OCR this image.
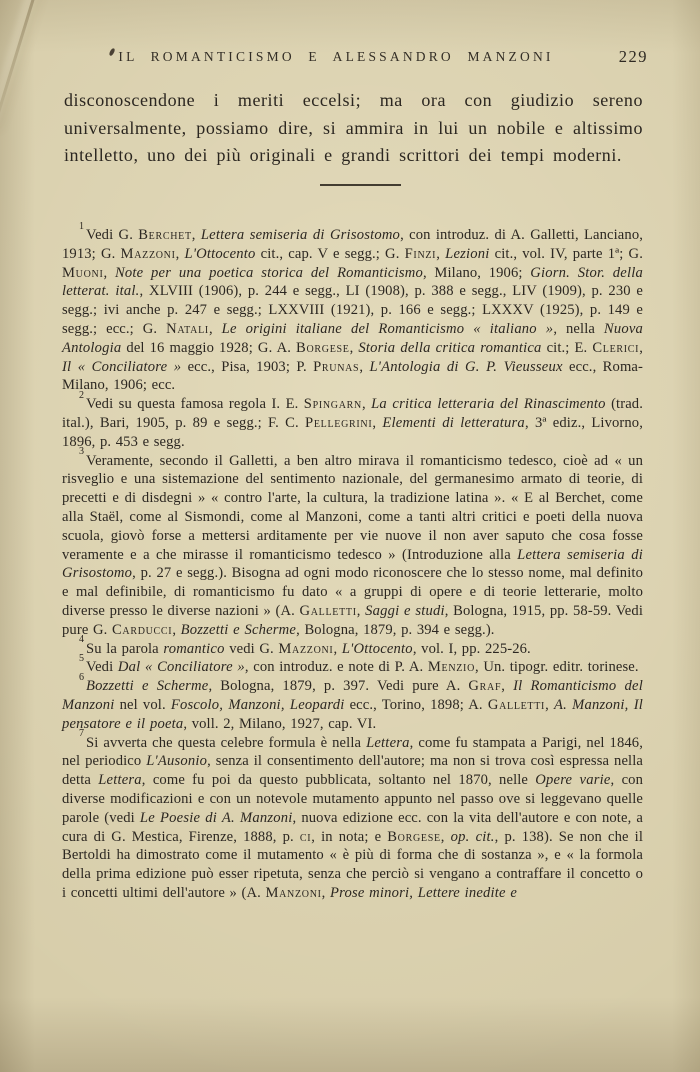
IL ROMANTICISMO E ALESSANDRO MANZONI	229

disconoscendone i meriti eccelsi; ma ora con giudizio sereno universalmente, possiamo dire, si ammira in lui un nobile e altissimo intelletto, uno dei più originali e grandi scrittori dei tempi moderni.

$^1$Vedi G. Berchet, Lettera semiseria di Grisostomo, con introduz. di A. Galletti, Lanciano, 1913; G. Mazzoni, L'Ottocento cit., cap. V e segg.; G. Finzi, Lezioni cit., vol. IV, parte 1ª; G. Muoni, Note per una poetica storica del Romanticismo, Milano, 1906; Giorn. Stor. della letterat. ital., XLVIII (1906), p. 244 e segg., LI (1908), p. 388 e segg., LIV (1909), p. 230 e segg.; ivi anche p. 247 e segg.; LXXVIII (1921), p. 166 e segg.; LXXXV (1925), p. 149 e segg.; ecc.; G. Natali, Le origini italiane del Romanticismo « italiano », nella Nuova Antologia del 16 maggio 1928; G. A. Borgese, Storia della critica romantica cit.; E. Clerici, Il « Conciliatore » ecc., Pisa, 1903; P. Prunas, L'Antologia di G. P. Vieusseux ecc., Roma-Milano, 1906; ecc.

$^2$Vedi su questa famosa regola I. E. Spingarn, La critica letteraria del Rinascimento (trad. ital.), Bari, 1905, p. 89 e segg.; F. C. Pellegrini, Elementi di letteratura, 3ª ediz., Livorno, 1896, p. 453 e segg.

$^3$Veramente, secondo il Galletti, a ben altro mirava il romanticismo tedesco, cioè ad « un risveglio e una sistemazione del sentimento nazionale, del germanesimo armato di teorie, di precetti e di disdegni » « contro l'arte, la cultura, la tradizione latina ». « E al Berchet, come alla Staël, come al Sismondi, come al Manzoni, come a tanti altri critici e poeti della nuova scuola, giovò forse a mettersi arditamente per vie nuove il non aver saputo che cosa fosse veramente e a che mirasse il romanticismo tedesco » (Introduzione alla Lettera semiseria di Grisostomo, p. 27 e segg.). Bisogna ad ogni modo riconoscere che lo stesso nome, mal definito e mal definibile, di romanticismo fu dato « a gruppi di opere e di teorie letterarie, molto diverse presso le diverse nazioni » (A. Galletti, Saggi e studi, Bologna, 1915, pp. 58-59. Vedi pure G. Carducci, Bozzetti e Scherme, Bologna, 1879, p. 394 e segg.).

$^4$Su la parola romantico vedi G. Mazzoni, L'Ottocento, vol. I, pp. 225-26.

$^5$Vedi Dal « Conciliatore », con introduz. e note di P. A. Menzio, Un. tipogr. editr. torinese.

$^6$Bozzetti e Scherme, Bologna, 1879, p. 397. Vedi pure A. Graf, Il Romanticismo del Manzoni nel vol. Foscolo, Manzoni, Leopardi ecc., Torino, 1898; A. Galletti, A. Manzoni, Il pensatore e il poeta, voll. 2, Milano, 1927, cap. VI.

$^7$Si avverta che questa celebre formula è nella Lettera, come fu stampata a Parigi, nel 1846, nel periodico L'Ausonio, senza il consentimento dell'autore; ma non si trova così espressa nella detta Lettera, come fu poi da questo pubblicata, soltanto nel 1870, nelle Opere varie, con diverse modificazioni e con un notevole mutamento appunto nel passo ove si leggevano quelle parole (vedi Le Poesie di A. Manzoni, nuova edizione ecc. con la vita dell'autore e con note, a cura di G. Mestica, Firenze, 1888, p. ci, in nota; e Borgese, op. cit., p. 138). Se non che il Bertoldi ha dimostrato come il mutamento « è più di forma che di sostanza », e « la formola della prima edizione può esser ripetuta, senza che perciò si vengano a contraffare il concetto o i concetti ultimi dell'autore » (A. Manzoni, Prose minori, Lettere inedite e
